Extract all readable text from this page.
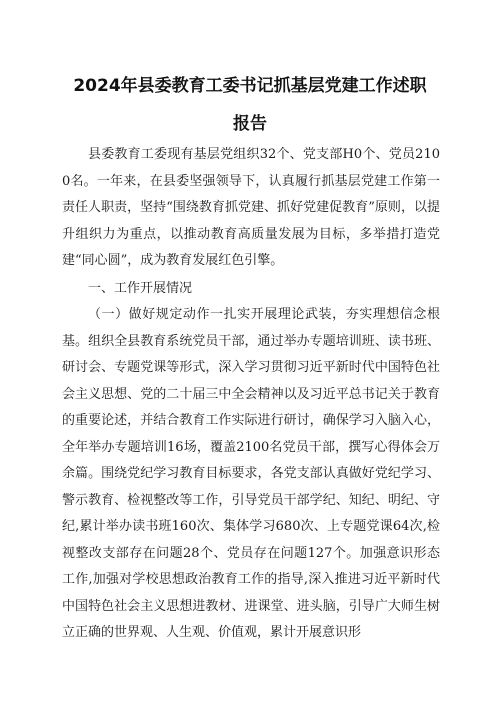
2024年县委教育工委书记抓基层党建工作述职
报告

县委教育工委现有基层党组织32个、党支部H0个、党员2100名。一年来，在县委坚强领导下，认真履行抓基层党建工作第一责任人职责，坚持“围绕教育抓党建、抓好党建促教育”原则，以提升组织力为重点，以推动教育高质量发展为目标，多举措打造党建“同心圆”，成为教育发展红色引擎。

一、工作开展情况

（一）做好规定动作一扎实开展理论武装，夯实理想信念根基。组织全县教育系统党员干部，通过举办专题培训班、读书班、研讨会、专题党课等形式，深入学习贯彻习近平新时代中国特色社会主义思想、党的二十届三中全会精神以及习近平总书记关于教育的重要论述，并结合教育工作实际进行研讨，确保学习入脑入心，全年举办专题培训16场，覆盖2100名党员干部，撰写心得体会万余篇。围绕党纪学习教育目标要求，各党支部认真做好党纪学习、警示教育、检视整改等工作，引导党员干部学纪、知纪、明纪、守纪,累计举办读书班160次、集体学习680次、上专题党课64次,检视整改支部存在问题28个、党员存在问题127个。加强意识形态工作,加强对学校思想政治教育工作的指导,深入推进习近平新时代中国特色社会主义思想进教材、进课堂、进头脑，引导广大师生树立正确的世界观、人生观、价值观，累计开展意识形
